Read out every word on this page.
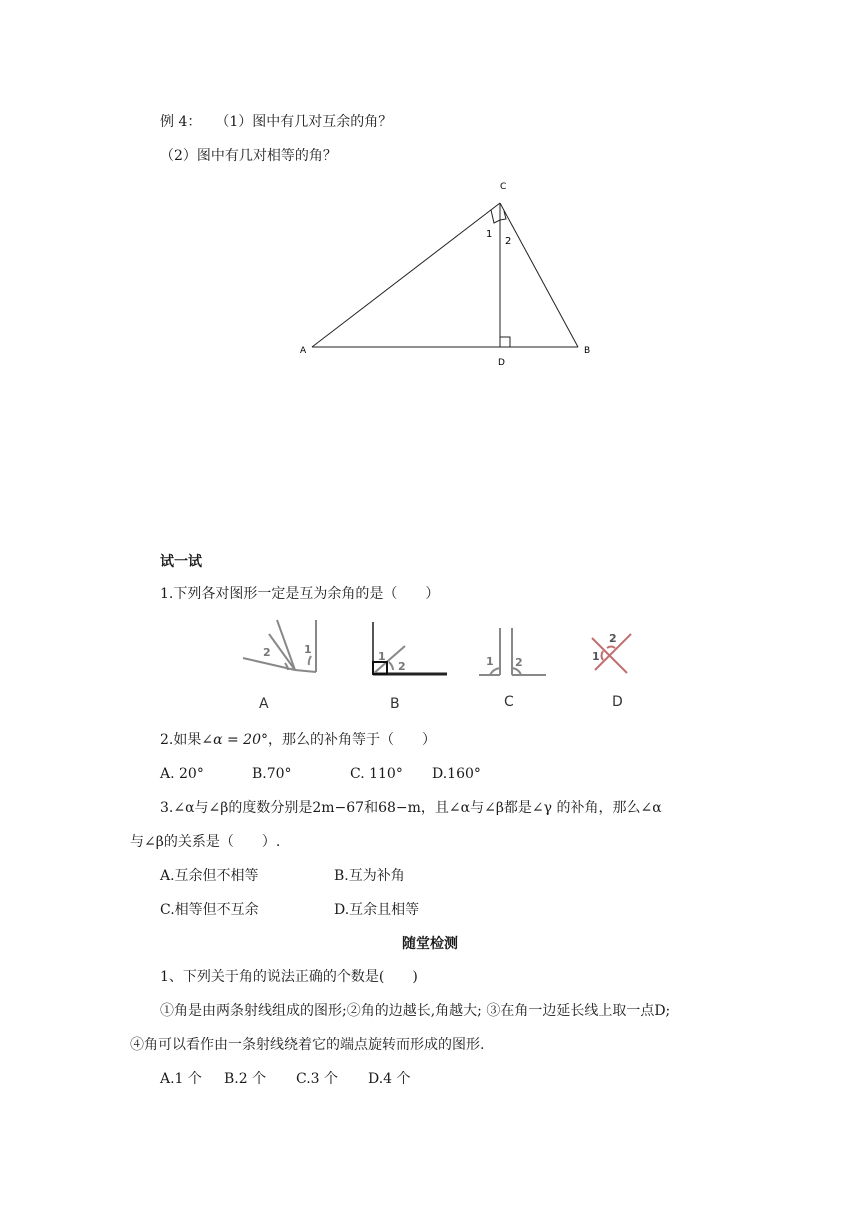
例 4： （1）图中有几对互余的角？
（2）图中有几对相等的角？
A	B
C
D
1
2
试一试
1.下列各对图形一定是互为余角的是（　　）
2	1
1
2	1 2
2
1
A	B	C	D
2.如果∠α = 20°，那么的补角等于（　　）
A. 20°	B.70°	C. 110° D.160°
3.∠α与∠β的度数分别是2m−67和68−m，且∠α与∠β都是∠γ 的补角，那么∠α
与∠β的关系是（　　）.
A.互余但不相等	B.互为补角
C.相等但不互余	D.互余且相等
随堂检测
1、下列关于角的说法正确的个数是(　　)
①角是由两条射线组成的图形;②角的边越长,角越大; ③在角一边延长线上取一点D;
④角可以看作由一条射线绕着它的端点旋转而形成的图形.
A.1 个 B.2 个 C.3 个 D.4 个
